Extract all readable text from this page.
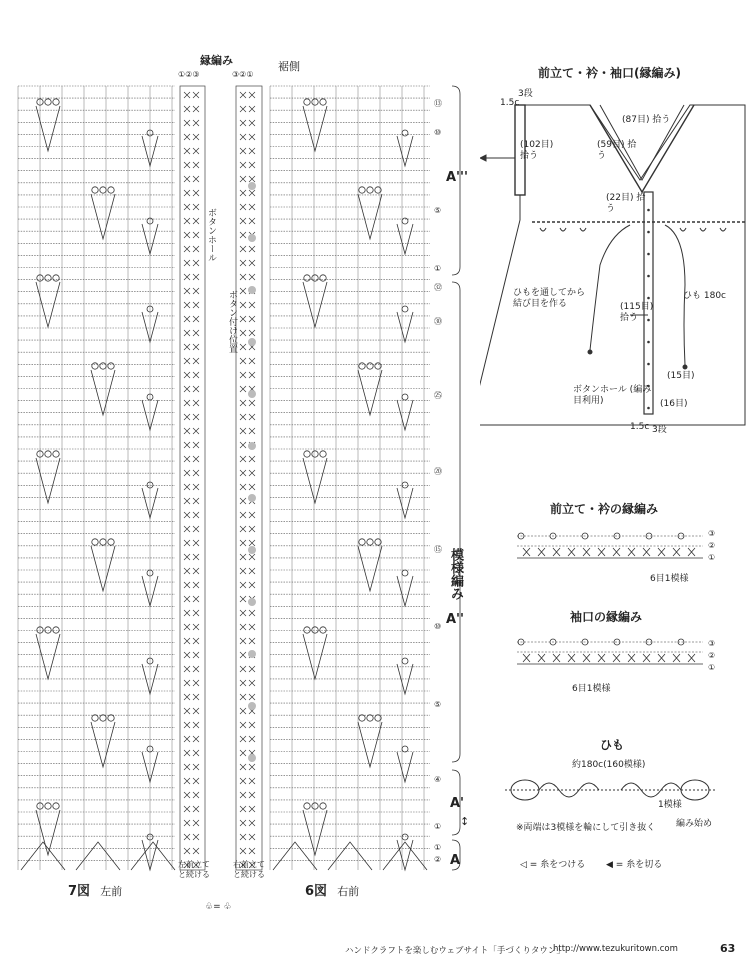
縁編み	裾側
①②③	③②①
ボタンホール
ボタン付け位置
左前立て と続ける
右前立て と続ける
7図 左前	6図 右前
♧= ♧
A'''
模様編み
A''
A'
A
↕
⑬
⑩
⑤
①
㉜
㉚
㉕
⑳
⑮
⑩
⑤
④
①
②
①
前立て・衿・袖口(縁編み)
3段
1.5c
(102目) 拾う
(87目) 拾う
(59目) 拾う
(22目) 拾う
(115目) 拾う
ひもを通してから 結び目を作る
ひも 180c
ボタンホール (編み目利用)
(15目)
(16目)
1.5c 3段
前立て・衿の縁編み
③
②
①
6目1模様
袖口の縁編み
③
②
①
6目1模様
ひも
約180c(160模様)
1模様
※両端は3模様を輪にして引き抜く 編み始め
◁ = 糸をつける ◀ = 糸を切る
ハンドクラフトを楽しむウェブサイト「手づくりタウン」
http://www.tezukuritown.com	63
